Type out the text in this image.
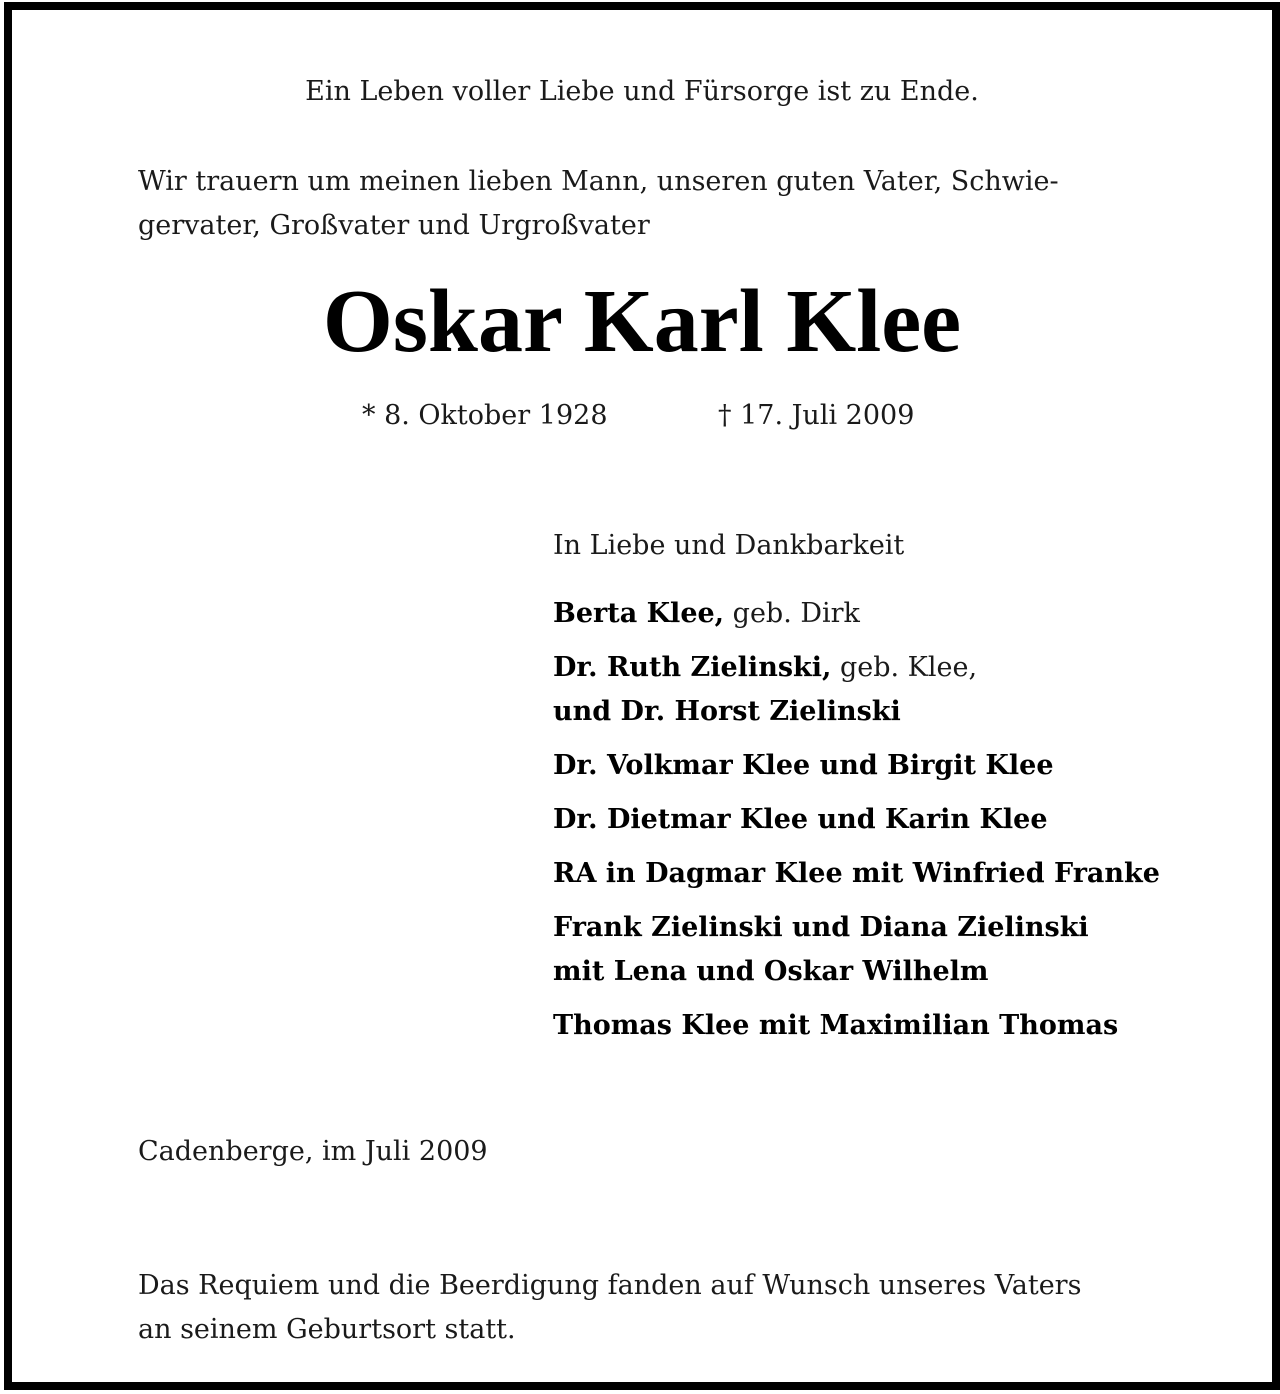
Ein Leben voller Liebe und Fürsorge ist zu Ende.
Wir trauern um meinen lieben Mann, unseren guten Vater, Schwie-
gervater, Großvater und Urgroßvater
Oskar Karl Klee
* 8. Oktober 1928	† 17. Juli 2009
In Liebe und Dankbarkeit
Berta Klee, geb. Dirk
Dr. Ruth Zielinski, geb. Klee,
und Dr. Horst Zielinski
Dr. Volkmar Klee und Birgit Klee
Dr. Dietmar Klee und Karin Klee
RA in Dagmar Klee mit Winfried Franke
Frank Zielinski und Diana Zielinski
mit Lena und Oskar Wilhelm
Thomas Klee mit Maximilian Thomas
Cadenberge, im Juli 2009
Das Requiem und die Beerdigung fanden auf Wunsch unseres Vaters
an seinem Geburtsort statt.
